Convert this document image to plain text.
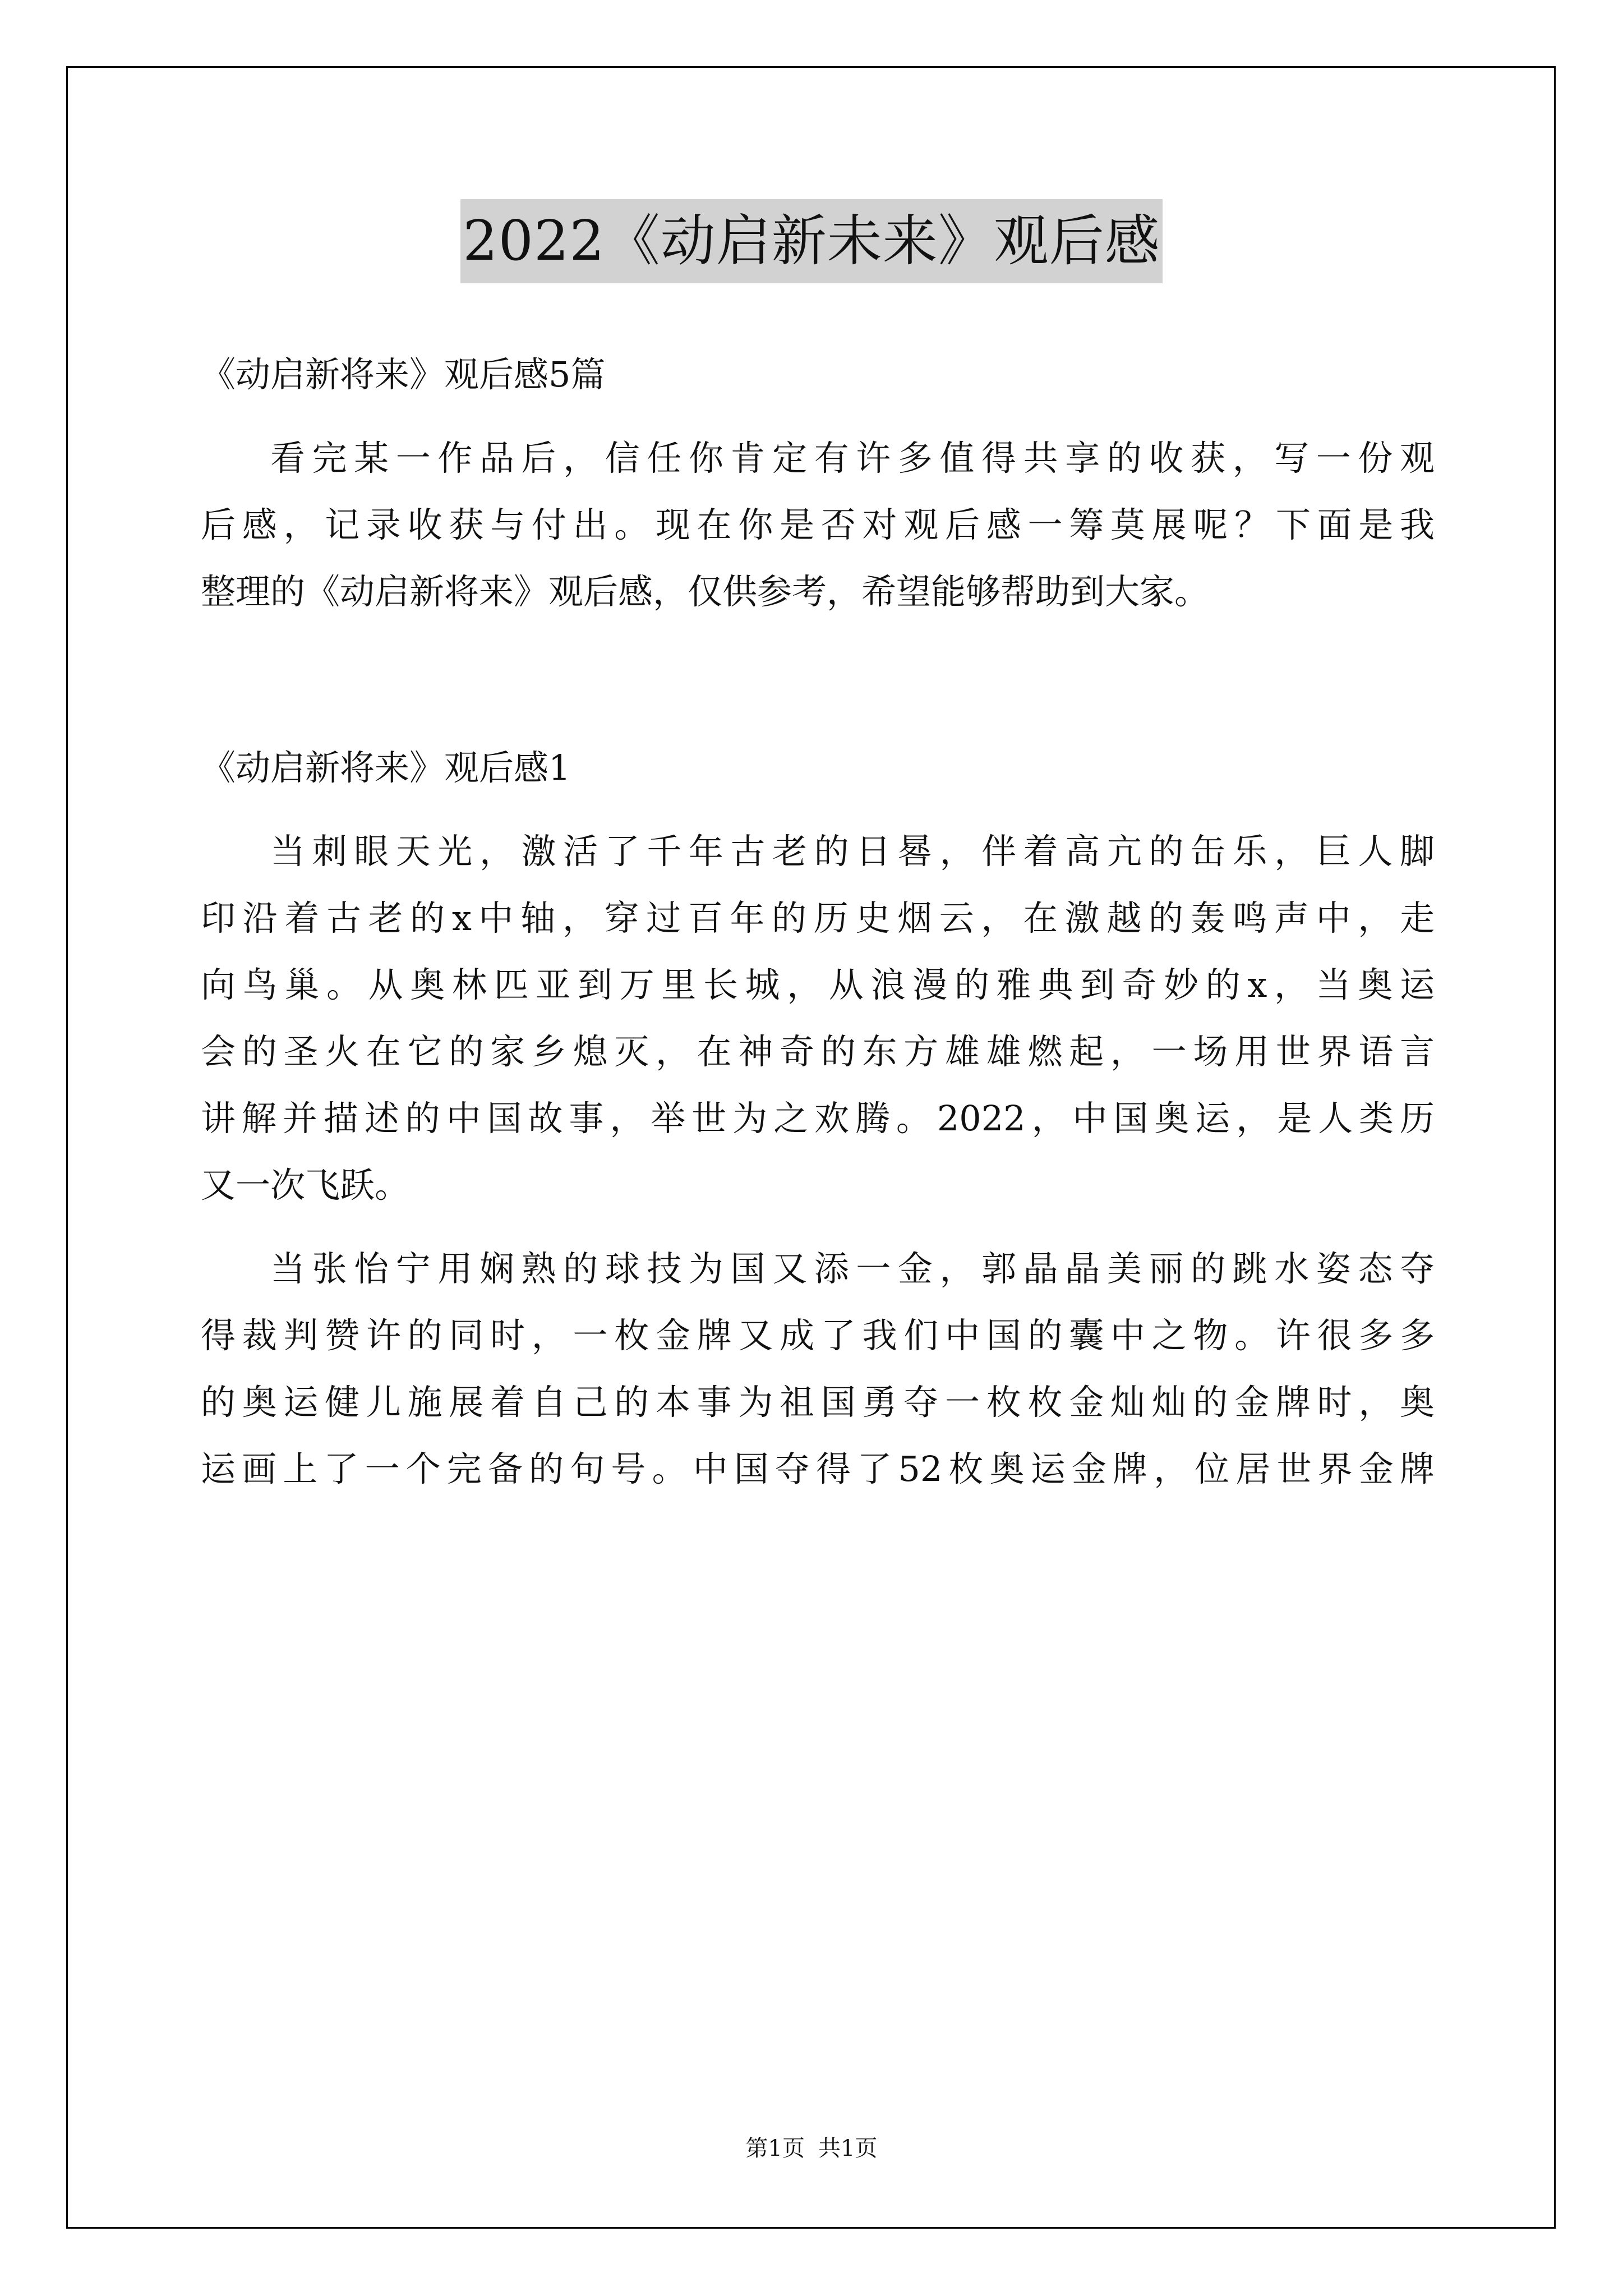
2022《动启新未来》观后感

《动启新将来》观后感5篇

看完某一作品后，信任你肯定有许多值得共享的收获，写一份观

后感，记录收获与付出。现在你是否对观后感一筹莫展呢？下面是我

整理的《动启新将来》观后感，仅供参考，希望能够帮助到大家。

《动启新将来》观后感1

当刺眼天光，激活了千年古老的日晷，伴着高亢的缶乐，巨人脚

印沿着古老的x中轴，穿过百年的历史烟云，在激越的轰鸣声中，走

向鸟巢。从奥林匹亚到万里长城，从浪漫的雅典到奇妙的x，当奥运

会的圣火在它的家乡熄灭，在神奇的东方雄雄燃起，一场用世界语言

讲解并描述的中国故事，举世为之欢腾。2022，中国奥运，是人类历

又一次飞跃。

当张怡宁用娴熟的球技为国又添一金，郭晶晶美丽的跳水姿态夺

得裁判赞许的同时，一枚金牌又成了我们中国的囊中之物。许很多多

的奥运健儿施展着自己的本事为祖国勇夺一枚枚金灿灿的金牌时，奥

运画上了一个完备的句号。中国夺得了52枚奥运金牌，位居世界金牌

第1页 共1页
